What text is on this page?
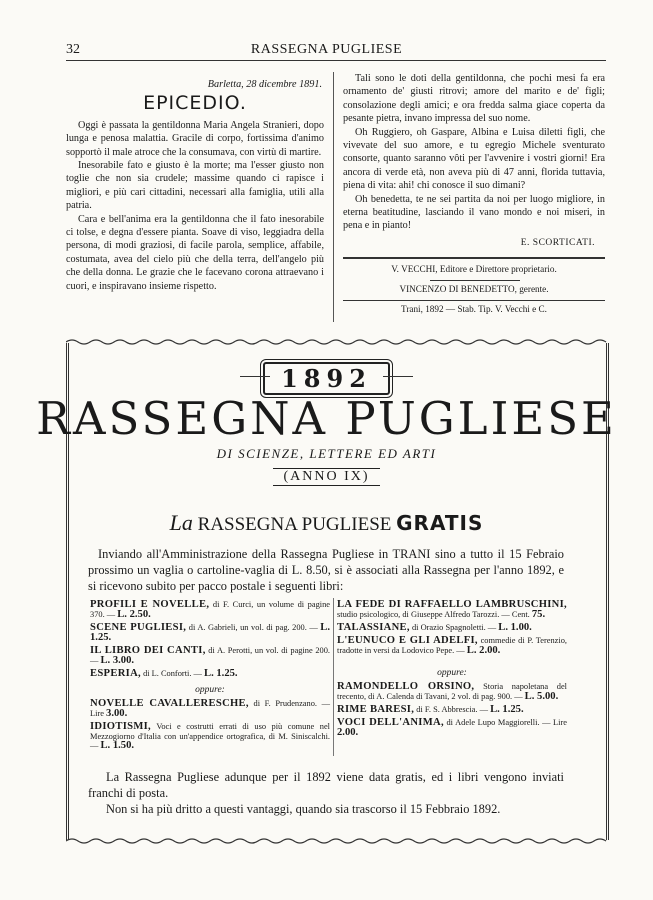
32	RASSEGNA PUGLIESE
Barletta, 28 dicembre 1891.
EPICEDIO.

Oggi è passata la gentildonna Maria Angela Stranieri, dopo lunga e penosa malattia. Gracile di corpo, fortissima d'animo sopportò il male atroce che la consumava, con virtù di martire.

Inesorabile fato e giusto è la morte; ma l'esser giusto non toglie che non sia crudele; massime quando ci rapisce i migliori, e più cari cittadini, necessari alla famiglia, utili alla patria.

Cara e bell'anima era la gentildonna che il fato inesorabile ci tolse, e degna d'essere pianta. Soave di viso, leggiadra della persona, di modi graziosi, di facile parola, semplice, affabile, costumata, avea del cielo più che della terra, dell'angelo più che della donna. Le grazie che le facevano corona attraevano i cuori, e inspiravano insieme rispetto.

Tali sono le doti della gentildonna, che pochi mesi fa era ornamento de' giusti ritrovi; amore del marito e de' figli; consolazione degli amici; e ora fredda salma giace coperta da pesante pietra, invano impressa del suo nome.

Oh Ruggiero, oh Gaspare, Albina e Luisa diletti figli, che vivevate del suo amore, e tu egregio Michele sventurato consorte, quanto saranno vôti per l'avvenire i vostri giorni! Era ancora di verde età, non aveva più di 47 anni, florida tuttavia, piena di vita: ahi! chi conosce il suo dimani?

Oh benedetta, te ne sei partita da noi per luogo migliore, in eterna beatitudine, lasciando il vano mondo e noi miseri, in pena e in pianto!

E. SCORTICATI.
V. VECCHI, Editore e Direttore proprietario.
VINCENZO DI BENEDETTO, gerente.
Trani, 1892 — Stab. Tip. V. Vecchi e C.
1892
RASSEGNA PUGLIESE
DI SCIENZE, LETTERE ED ARTI
(ANNO IX)
La RASSEGNA PUGLIESE GRATIS
Inviando all'Amministrazione della Rassegna Pugliese in TRANI sino a tutto il 15 Febraio prossimo un vaglia o cartoline-vaglia di L. 8.50, si è associati alla Rassegna per l'anno 1892, e si ricevono subito per pacco postale i seguenti libri:
PROFILI E NOVELLE, di F. Curci, un volume di pagine 370. — L. 2.50.
SCENE PUGLIESI, di A. Gabrieli, un vol. di pag. 200. — L. 1.25.
IL LIBRO DEI CANTI, di A. Perotti, un vol. di pagine 200. — L. 3.00.
ESPERIA, di L. Conforti. — L. 1.25.
oppure:
NOVELLE CAVALLERESCHE, di F. Prudenzano. — Lire 3.00.
IDIOTISMI, Voci e costrutti errati di uso più comune nel Mezzogiorno d'Italia con un'appendice ortografica, di M. Siniscalchi. — L. 1.50.
LA FEDE DI RAFFAELLO LAMBRUSCHINI, studio psicologico, di Giuseppe Alfredo Tarozzi. — Cent. 75.
TALASSIANE, di Orazio Spagnoletti. — L. 1.00.
L'EUNUCO E GLI ADELFI, commedie di P. Terenzio, tradotte in versi da Lodovico Pepe. — L. 2.00.
oppure:
RAMONDELLO ORSINO, Storia napoletana del trecento, di A. Calenda di Tavani, 2 vol. di pag. 900. — L. 5.00.
RIME BARESI, di F. S. Abbrescia. — L. 1.25.
VOCI DELL'ANIMA, di Adele Lupo Maggiorelli. — Lire 2.00.

La Rassegna Pugliese adunque per il 1892 viene data gratis, ed i libri vengono inviati franchi di posta.

Non si ha più dritto a questi vantaggi, quando sia trascorso il 15 Febbraio 1892.
